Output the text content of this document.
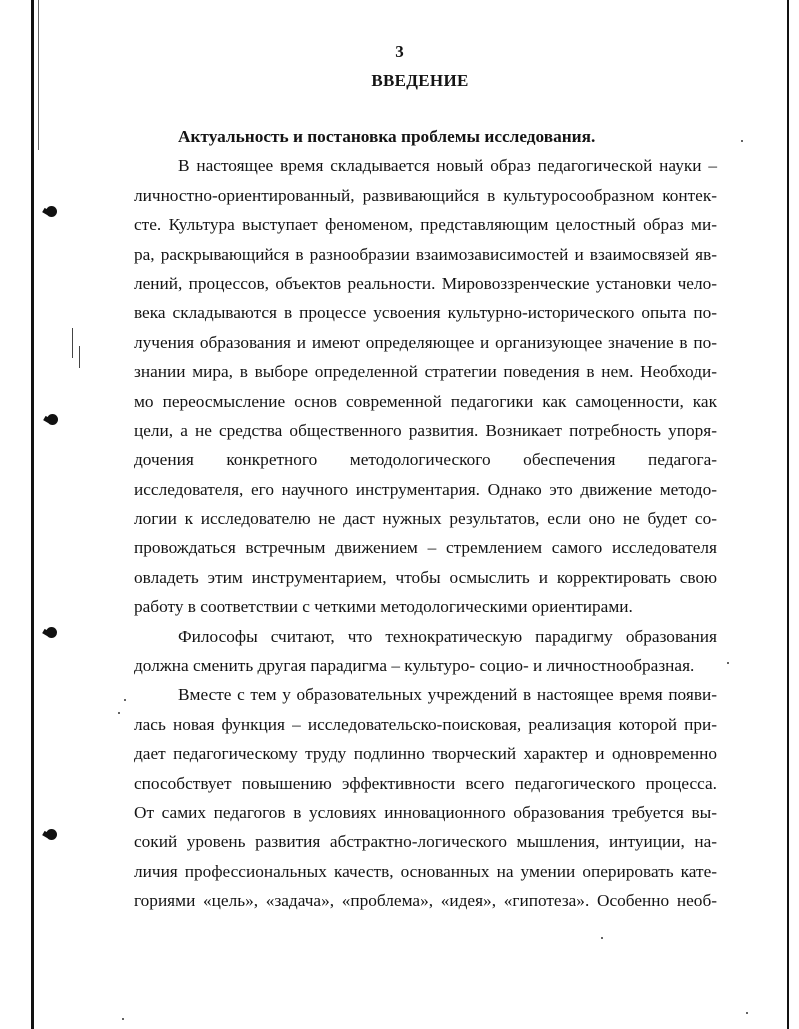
3
ВВЕДЕНИЕ
Актуальность и постановка проблемы исследования.
В настоящее время складывается новый образ педагогической науки –
личностно-ориентированный, развивающийся в культуросообразном контек-
сте. Культура выступает феноменом, представляющим целостный образ ми-
ра, раскрывающийся в разнообразии взаимозависимостей и взаимосвязей яв-
лений, процессов, объектов реальности. Мировоззренческие установки чело-
века складываются в процессе усвоения культурно-исторического опыта по-
лучения образования и имеют определяющее и организующее значение в по-
знании мира, в выборе определенной стратегии поведения в нем. Необходи-
мо переосмысление основ современной педагогики как самоценности, как
цели, а не средства общественного развития. Возникает потребность упоря-
дочения конкретного методологического обеспечения педагога-
исследователя, его научного инструментария. Однако это движение методо-
логии к исследователю не даст нужных результатов, если оно не будет со-
провождаться встречным движением – стремлением самого исследователя
овладеть этим инструментарием, чтобы осмыслить и корректировать свою
работу в соответствии с четкими методологическими ориентирами.
Философы считают, что технократическую парадигму образования
должна сменить другая парадигма – культуро- социо- и личностнообразная.
Вместе с тем у образовательных учреждений в настоящее время появи-
лась новая функция – исследовательско-поисковая, реализация которой при-
дает педагогическому труду подлинно творческий характер и одновременно
способствует повышению эффективности всего педагогического процесса.
От самих педагогов в условиях инновационного образования требуется вы-
сокий уровень развития абстрактно-логического мышления, интуиции, на-
личия профессиональных качеств, основанных на умении оперировать кате-
гориями «цель», «задача», «проблема», «идея», «гипотеза». Особенно необ-
